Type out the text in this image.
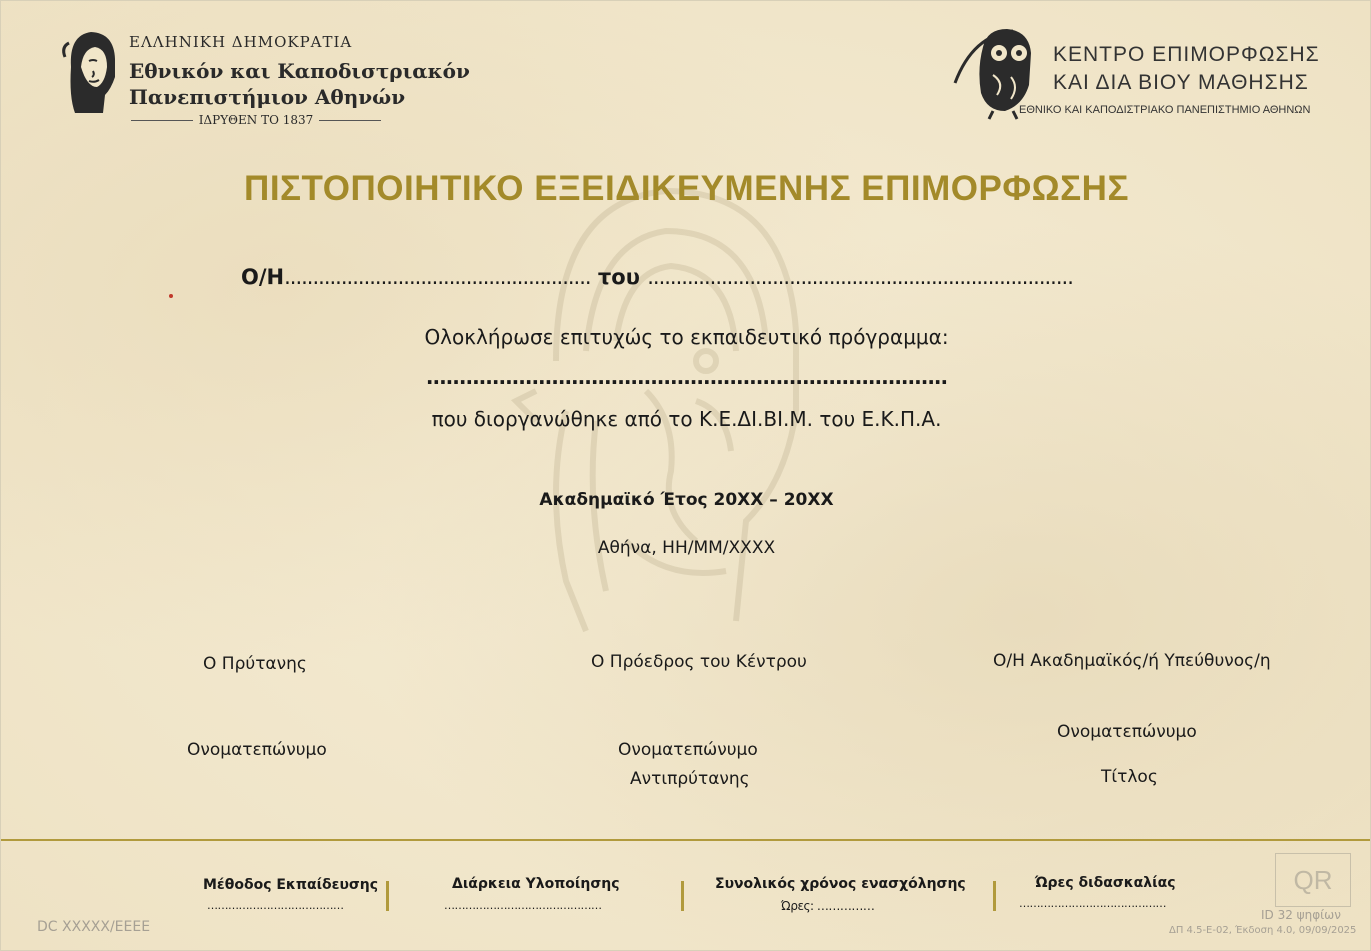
ΕΛΛΗΝΙΚΗ ΔΗΜΟΚΡΑΤΙΑ
Εθνικόν και Καποδιστριακόν
Πανεπιστήμιον Αθηνών
ΙΔΡΥΘΕΝ ΤΟ 1837
ΚΕΝΤΡΟ ΕΠΙΜΟΡΦΩΣΗΣ
ΚΑΙ ΔΙΑ ΒΙΟΥ ΜΑΘΗΣΗΣ
ΕΘΝΙΚΟ ΚΑΙ ΚΑΠΟΔΙΣΤΡΙΑΚΟ ΠΑΝΕΠΙΣΤΗΜΙΟ ΑΘΗΝΩΝ
ΠΙΣΤΟΠΟΙΗΤΙΚΟ ΕΞΕΙΔΙΚΕΥΜΕΝΗΣ ΕΠΙΜΟΡΦΩΣΗΣ
Ο/Η...................................................... του ...........................................................................
Ολοκλήρωσε επιτυχώς το εκπαιδευτικό πρόγραμμα:
...............................................................................
που διοργανώθηκε από το Κ.Ε.ΔΙ.ΒΙ.Μ. του Ε.Κ.Π.Α.
Ακαδημαϊκό Έτος 20ΧΧ – 20ΧΧ
Αθήνα, ΗΗ/ΜΜ/ΧΧΧΧ
Ο Πρύτανης
Ονοματεπώνυμο
Ο Πρόεδρος του Κέντρου
Ονοματεπώνυμο
Αντιπρύτανης
Ο/Η Ακαδημαϊκός/ή Υπεύθυνος/η
Ονοματεπώνυμο
Τίτλος
Μέθοδος Εκπαίδευσης
…………………………………
Διάρκεια Υλοποίησης
………………………………………
Συνολικός χρόνος ενασχόλησης
Ώρες: ……………
Ώρες διδασκαλίας
……………………………………
DC XXXXX/EEEE
QR
ID 32 ψηφίων
ΔΠ 4.5-Ε-02, Έκδοση 4.0, 09/09/2025
